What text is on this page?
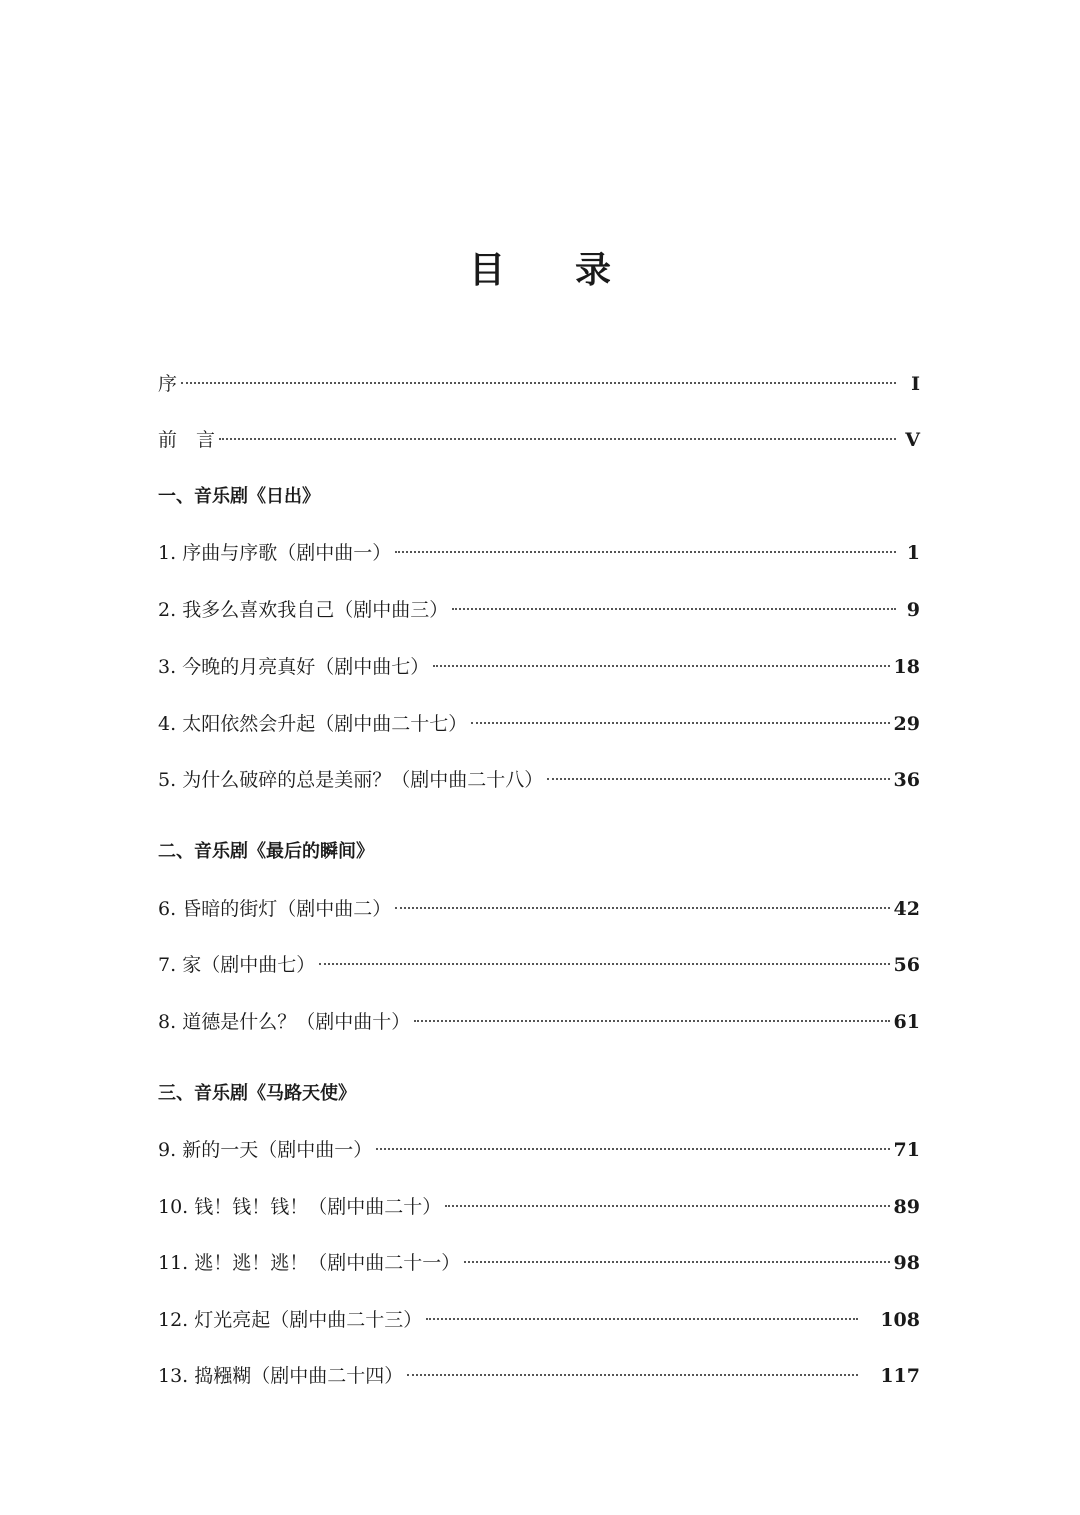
目 录
序	I
前　言	V
一、音乐剧《日出》
1. 序曲与序歌（剧中曲一）	1
2. 我多么喜欢我自己（剧中曲三）	9
3. 今晚的月亮真好（剧中曲七）	18
4. 太阳依然会升起（剧中曲二十七）	29
5. 为什么破碎的总是美丽？（剧中曲二十八）	36
二、音乐剧《最后的瞬间》
6. 昏暗的街灯（剧中曲二）	42
7. 家（剧中曲七）	56
8. 道德是什么？（剧中曲十）	61
三、音乐剧《马路天使》
9. 新的一天（剧中曲一）	71
10. 钱！钱！钱！（剧中曲二十）	89
11. 逃！逃！逃！（剧中曲二十一）	98
12. 灯光亮起（剧中曲二十三）	108
13. 捣糨糊（剧中曲二十四）	117
